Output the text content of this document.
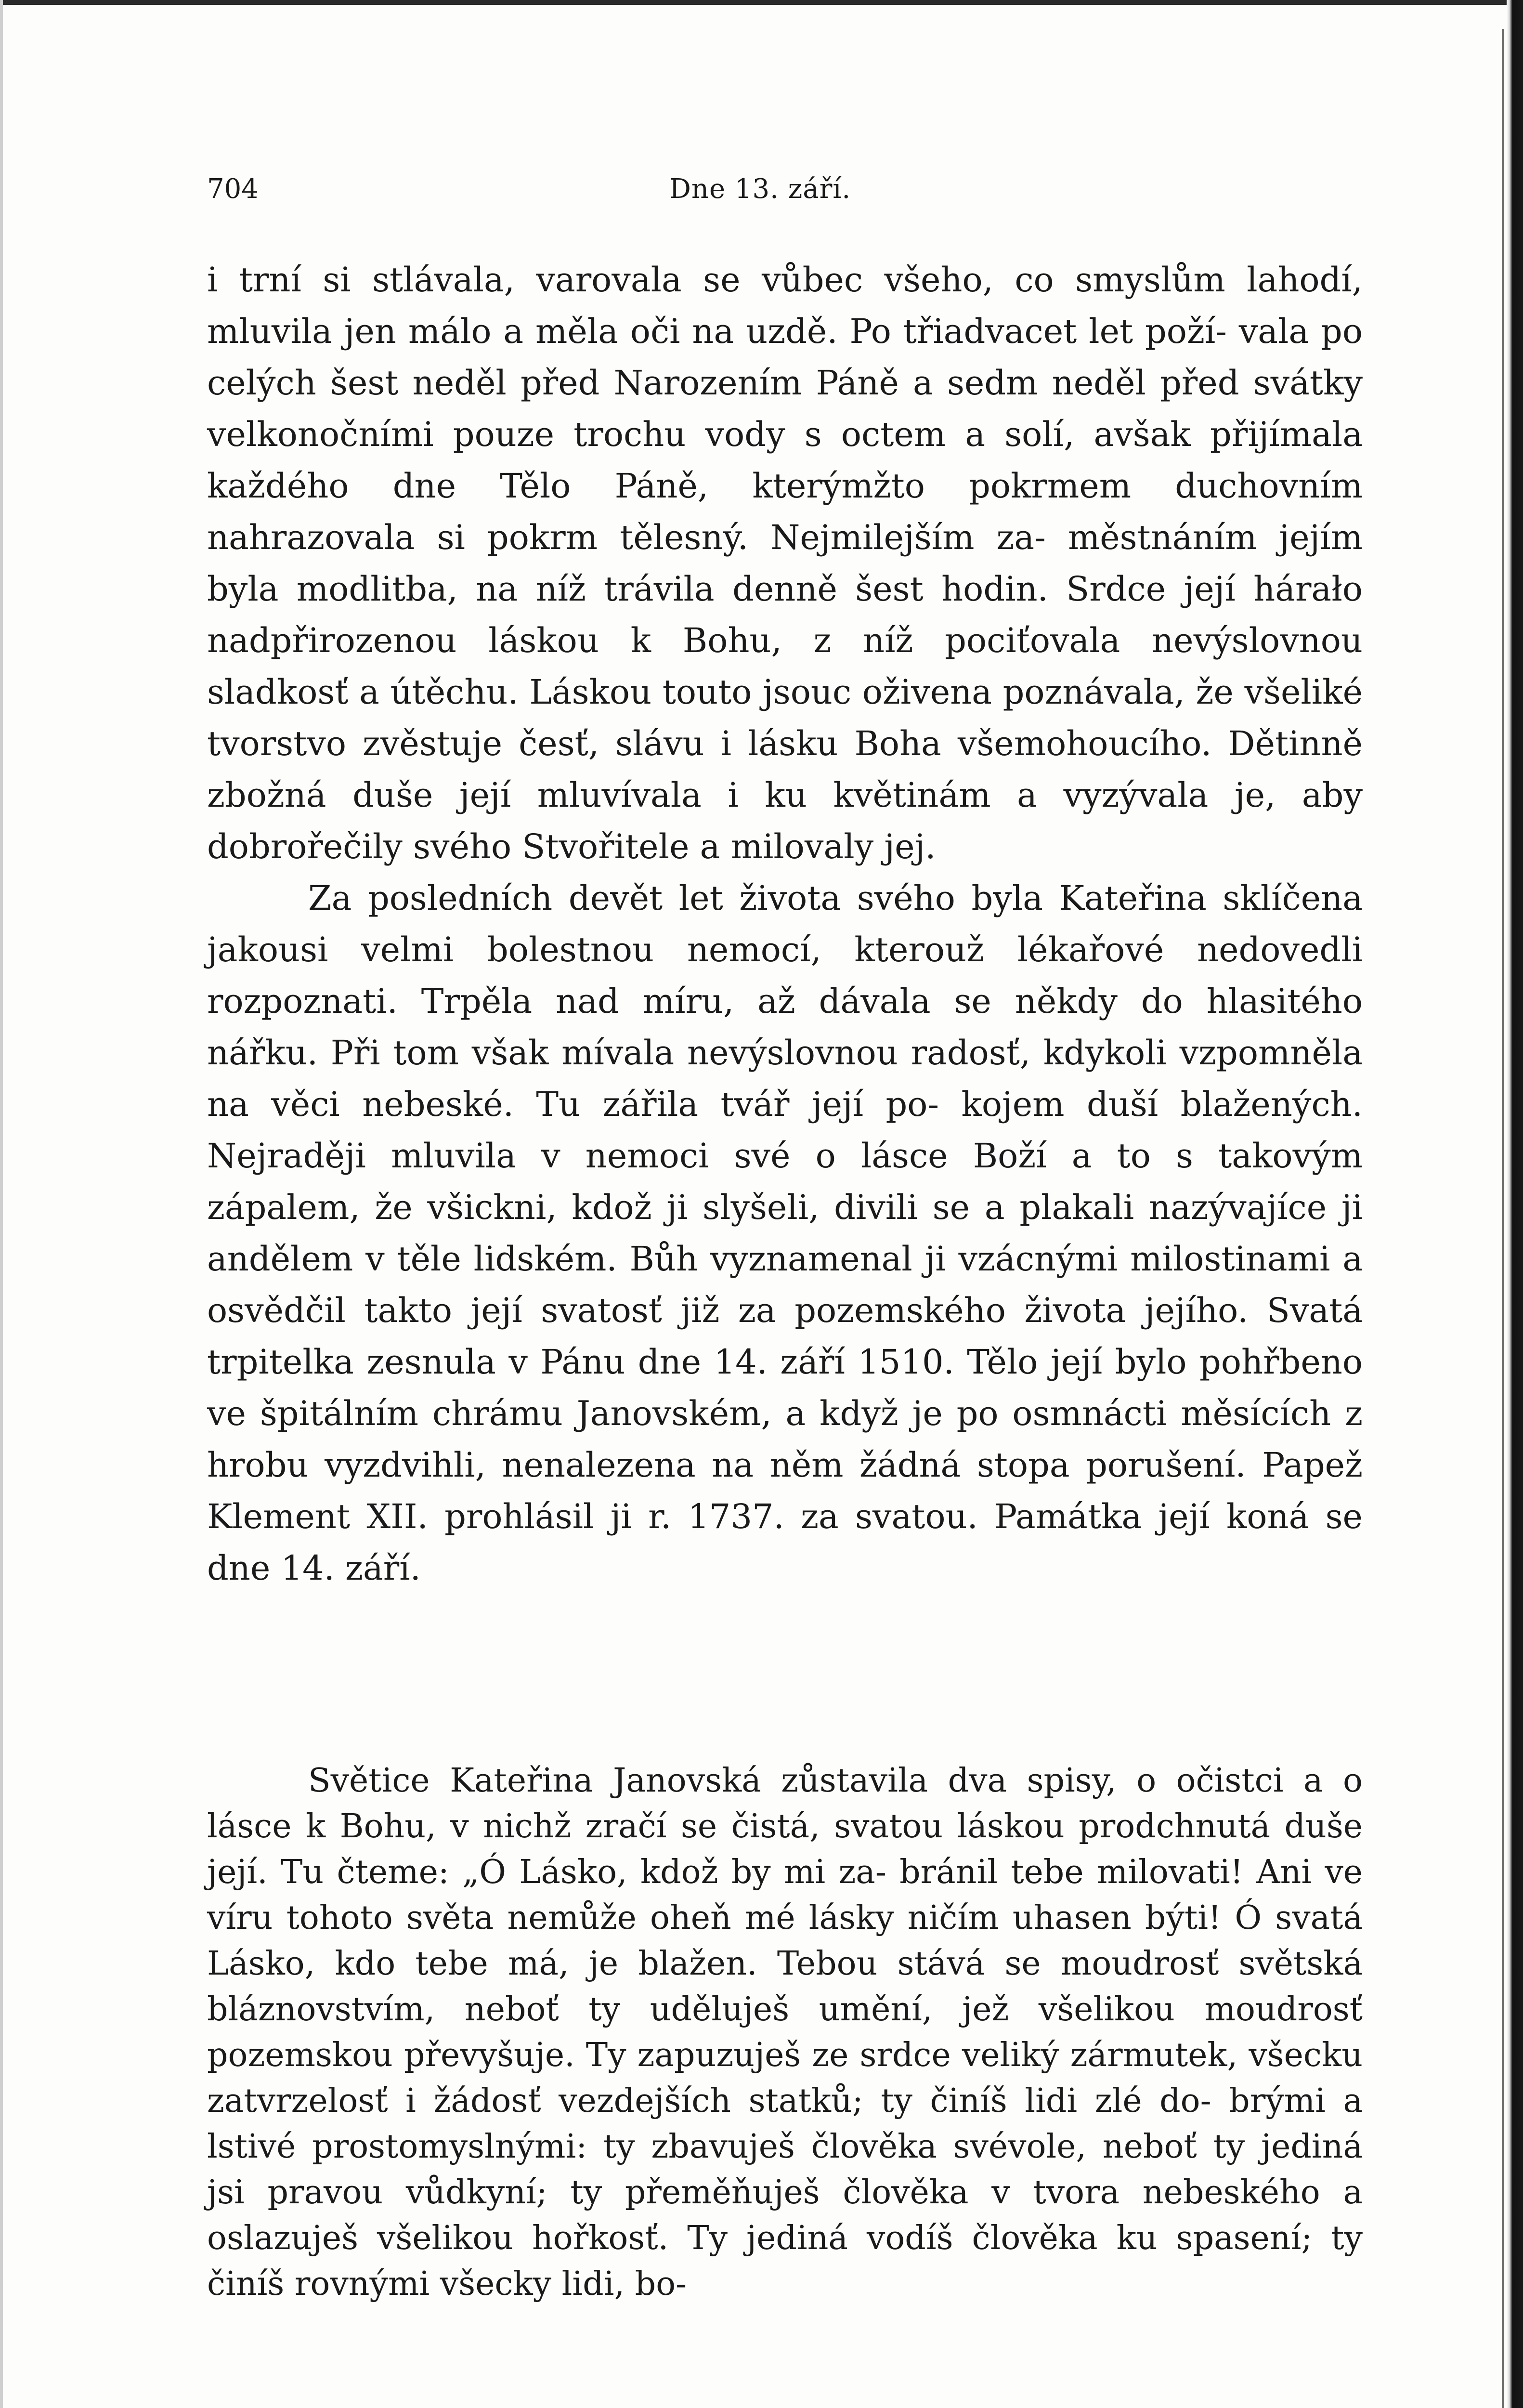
704	Dne 13. září.

i trní si stlávala, varovala se vůbec všeho, co smyslům lahodí, mluvila jen málo a měla oči na uzdě. Po třiadvacet let poží- vala po celých šest neděl před Narozením Páně a sedm neděl před svátky velkonočními pouze trochu vody s octem a solí, avšak přijímala každého dne Tělo Páně, kterýmžto pokrmem duchovním nahrazovala si pokrm tělesný. Nejmilejším za- městnáním jejím byla modlitba, na níž trávila denně šest hodin. Srdce její hárało nadpřirozenou láskou k Bohu, z níž pociťovala nevýslovnou sladkosť a útěchu. Láskou touto jsouc oživena poznávala, že všeliké tvorstvo zvěstuje česť, slávu i lásku Boha všemohoucího. Dětinně zbožná duše její mluvívala i ku květinám a vyzývala je, aby dobrořečily svého Stvořitele a milovaly jej.

Za posledních devět let života svého byla Kateřina sklíčena jakousi velmi bolestnou nemocí, kterouž lékařové nedovedli rozpoznati. Trpěla nad míru, až dávala se někdy do hlasitého nářku. Při tom však mívala nevýslovnou radosť, kdykoli vzpomněla na věci nebeské. Tu zářila tvář její po- kojem duší blažených. Nejraději mluvila v nemoci své o lásce Boží a to s takovým zápalem, že všickni, kdož ji slyšeli, divili se a plakali nazývajíce ji andělem v těle lidském. Bůh vyznamenal ji vzácnými milostinami a osvědčil takto její svatosť již za pozemského života jejího. Svatá trpitelka zesnula v Pánu dne 14. září 1510. Tělo její bylo pohřbeno ve špitálním chrámu Janovském, a když je po osmnácti měsících z hrobu vyzdvihli, nenalezena na něm žádná stopa porušení. Papež Klement XII. prohlásil ji r. 1737. za svatou. Památka její koná se dne 14. září.

Světice Kateřina Janovská zůstavila dva spisy, o očistci a o lásce k Bohu, v nichž zračí se čistá, svatou láskou prodchnutá duše její. Tu čteme: „Ó Lásko, kdož by mi za- bránil tebe milovati! Ani ve víru tohoto světa nemůže oheň mé lásky ničím uhasen býti! Ó svatá Lásko, kdo tebe má, je blažen. Tebou stává se moudrosť světská bláznovstvím, neboť ty uděluješ umění, jež všelikou moudrosť pozemskou převyšuje. Ty zapuzuješ ze srdce veliký zármutek, všecku zatvrzelosť i žádosť vezdejších statků; ty činíš lidi zlé do- brými a lstivé prostomyslnými: ty zbavuješ člověka svévole, neboť ty jediná jsi pravou vůdkyní; ty přeměňuješ člověka v tvora nebeského a oslazuješ všelikou hořkosť. Ty jediná vodíš člověka ku spasení; ty činíš rovnými všecky lidi, bo-
